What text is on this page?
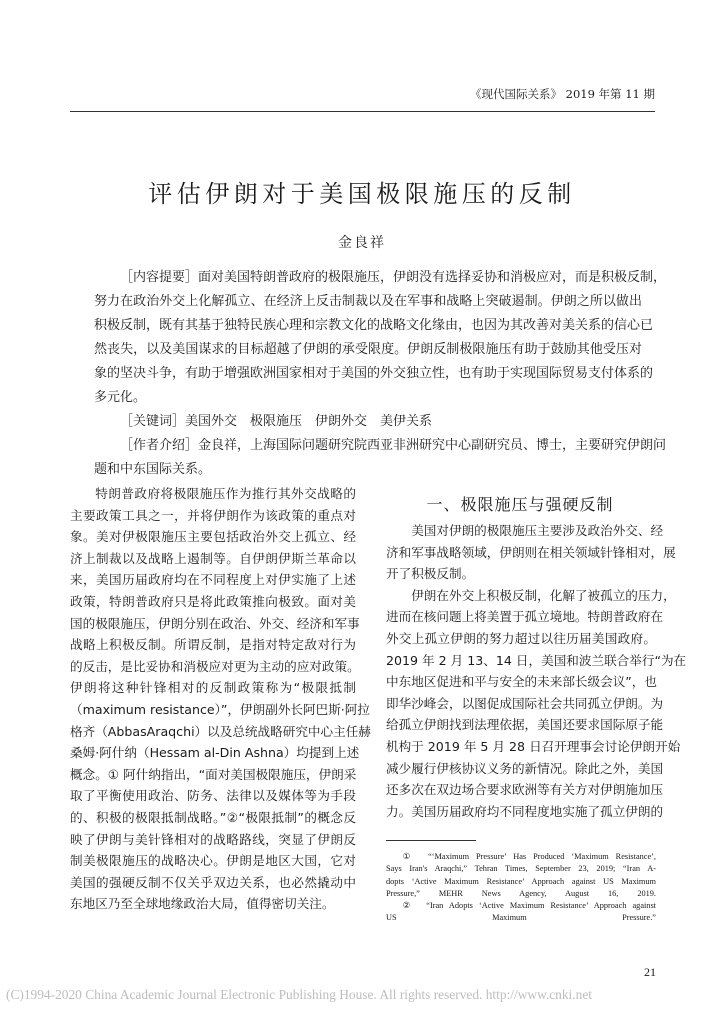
《现代国际关系》 2019 年第 11 期
评估伊朗对于美国极限施压的反制
金良祥
［内容提要］面对美国特朗普政府的极限施压，伊朗没有选择妥协和消极应对，而是积极反制，
努力在政治外交上化解孤立、在经济上反击制裁以及在军事和战略上突破遏制。伊朗之所以做出
积极反制，既有其基于独特民族心理和宗教文化的战略文化缘由，也因为其改善对美关系的信心已
然丧失，以及美国谋求的目标超越了伊朗的承受限度。伊朗反制极限施压有助于鼓励其他受压对
象的坚决斗争，有助于增强欧洲国家相对于美国的外交独立性，也有助于实现国际贸易支付体系的
多元化。
［关键词］美国外交　极限施压　伊朗外交　美伊关系
［作者介绍］金良祥，上海国际问题研究院西亚非洲研究中心副研究员、博士，主要研究伊朗问
题和中东国际关系。
特朗普政府将极限施压作为推行其外交战略的
主要政策工具之一，并将伊朗作为该政策的重点对
象。美对伊极限施压主要包括政治外交上孤立、经
济上制裁以及战略上遏制等。自伊朗伊斯兰革命以
来，美国历届政府均在不同程度上对伊实施了上述
政策，特朗普政府只是将此政策推向极致。面对美
国的极限施压，伊朗分别在政治、外交、经济和军事
战略上积极反制。所谓反制，是指对特定敌对行为
的反击，是比妥协和消极应对更为主动的应对政策。
伊朗将这种针锋相对的反制政策称为“极限抵制
（maximum resistance）”，伊朗副外长阿巴斯·阿拉
格齐（AbbasAraqchi）以及总统战略研究中心主任赫
桑姆·阿什纳（Hessam al-Din Ashna）均提到上述
概念。① 阿什纳指出，“面对美国极限施压，伊朗采
取了平衡使用政治、防务、法律以及媒体等为手段
的、积极的极限抵制战略。”②“极限抵制”的概念反
映了伊朗与美针锋相对的战略路线，突显了伊朗反
制美极限施压的战略决心。伊朗是地区大国，它对
美国的强硬反制不仅关乎双边关系，也必然撬动中
东地区乃至全球地缘政治大局，值得密切关注。
一、极限施压与强硬反制
美国对伊朗的极限施压主要涉及政治外交、经
济和军事战略领域，伊朗则在相关领域针锋相对，展
开了积极反制。
伊朗在外交上积极反制，化解了被孤立的压力，
进而在核问题上将美置于孤立境地。特朗普政府在
外交上孤立伊朗的努力超过以往历届美国政府。
2019 年 2 月 13、14 日，美国和波兰联合举行“为在
中东地区促进和平与安全的未来部长级会议”，也
即华沙峰会，以图促成国际社会共同孤立伊朗。为
给孤立伊朗找到法理依据，美国还要求国际原子能
机构于 2019 年 5 月 28 日召开理事会讨论伊朗开始
减少履行伊核协议义务的新情况。除此之外，美国
还多次在双边场合要求欧洲等有关方对伊朗施加压
力。美国历届政府均不同程度地实施了孤立伊朗的
①　“‘Maximum Pressure’ Has Produced ‘Maximum Resistance’,
Says Iran's Araqchi,” Tehran Times, September 23, 2019; “Iran A-
dopts ‘Active Maximum Resistance’ Approach against US Maximum
Pressure,” MEHR News Agency, August 16, 2019.
②　“Iran Adopts ‘Active Maximum Resistance’ Approach against
US Maximum Pressure.”
21
(C)1994-2020 China Academic Journal Electronic Publishing House. All rights reserved. http://www.cnki.net
